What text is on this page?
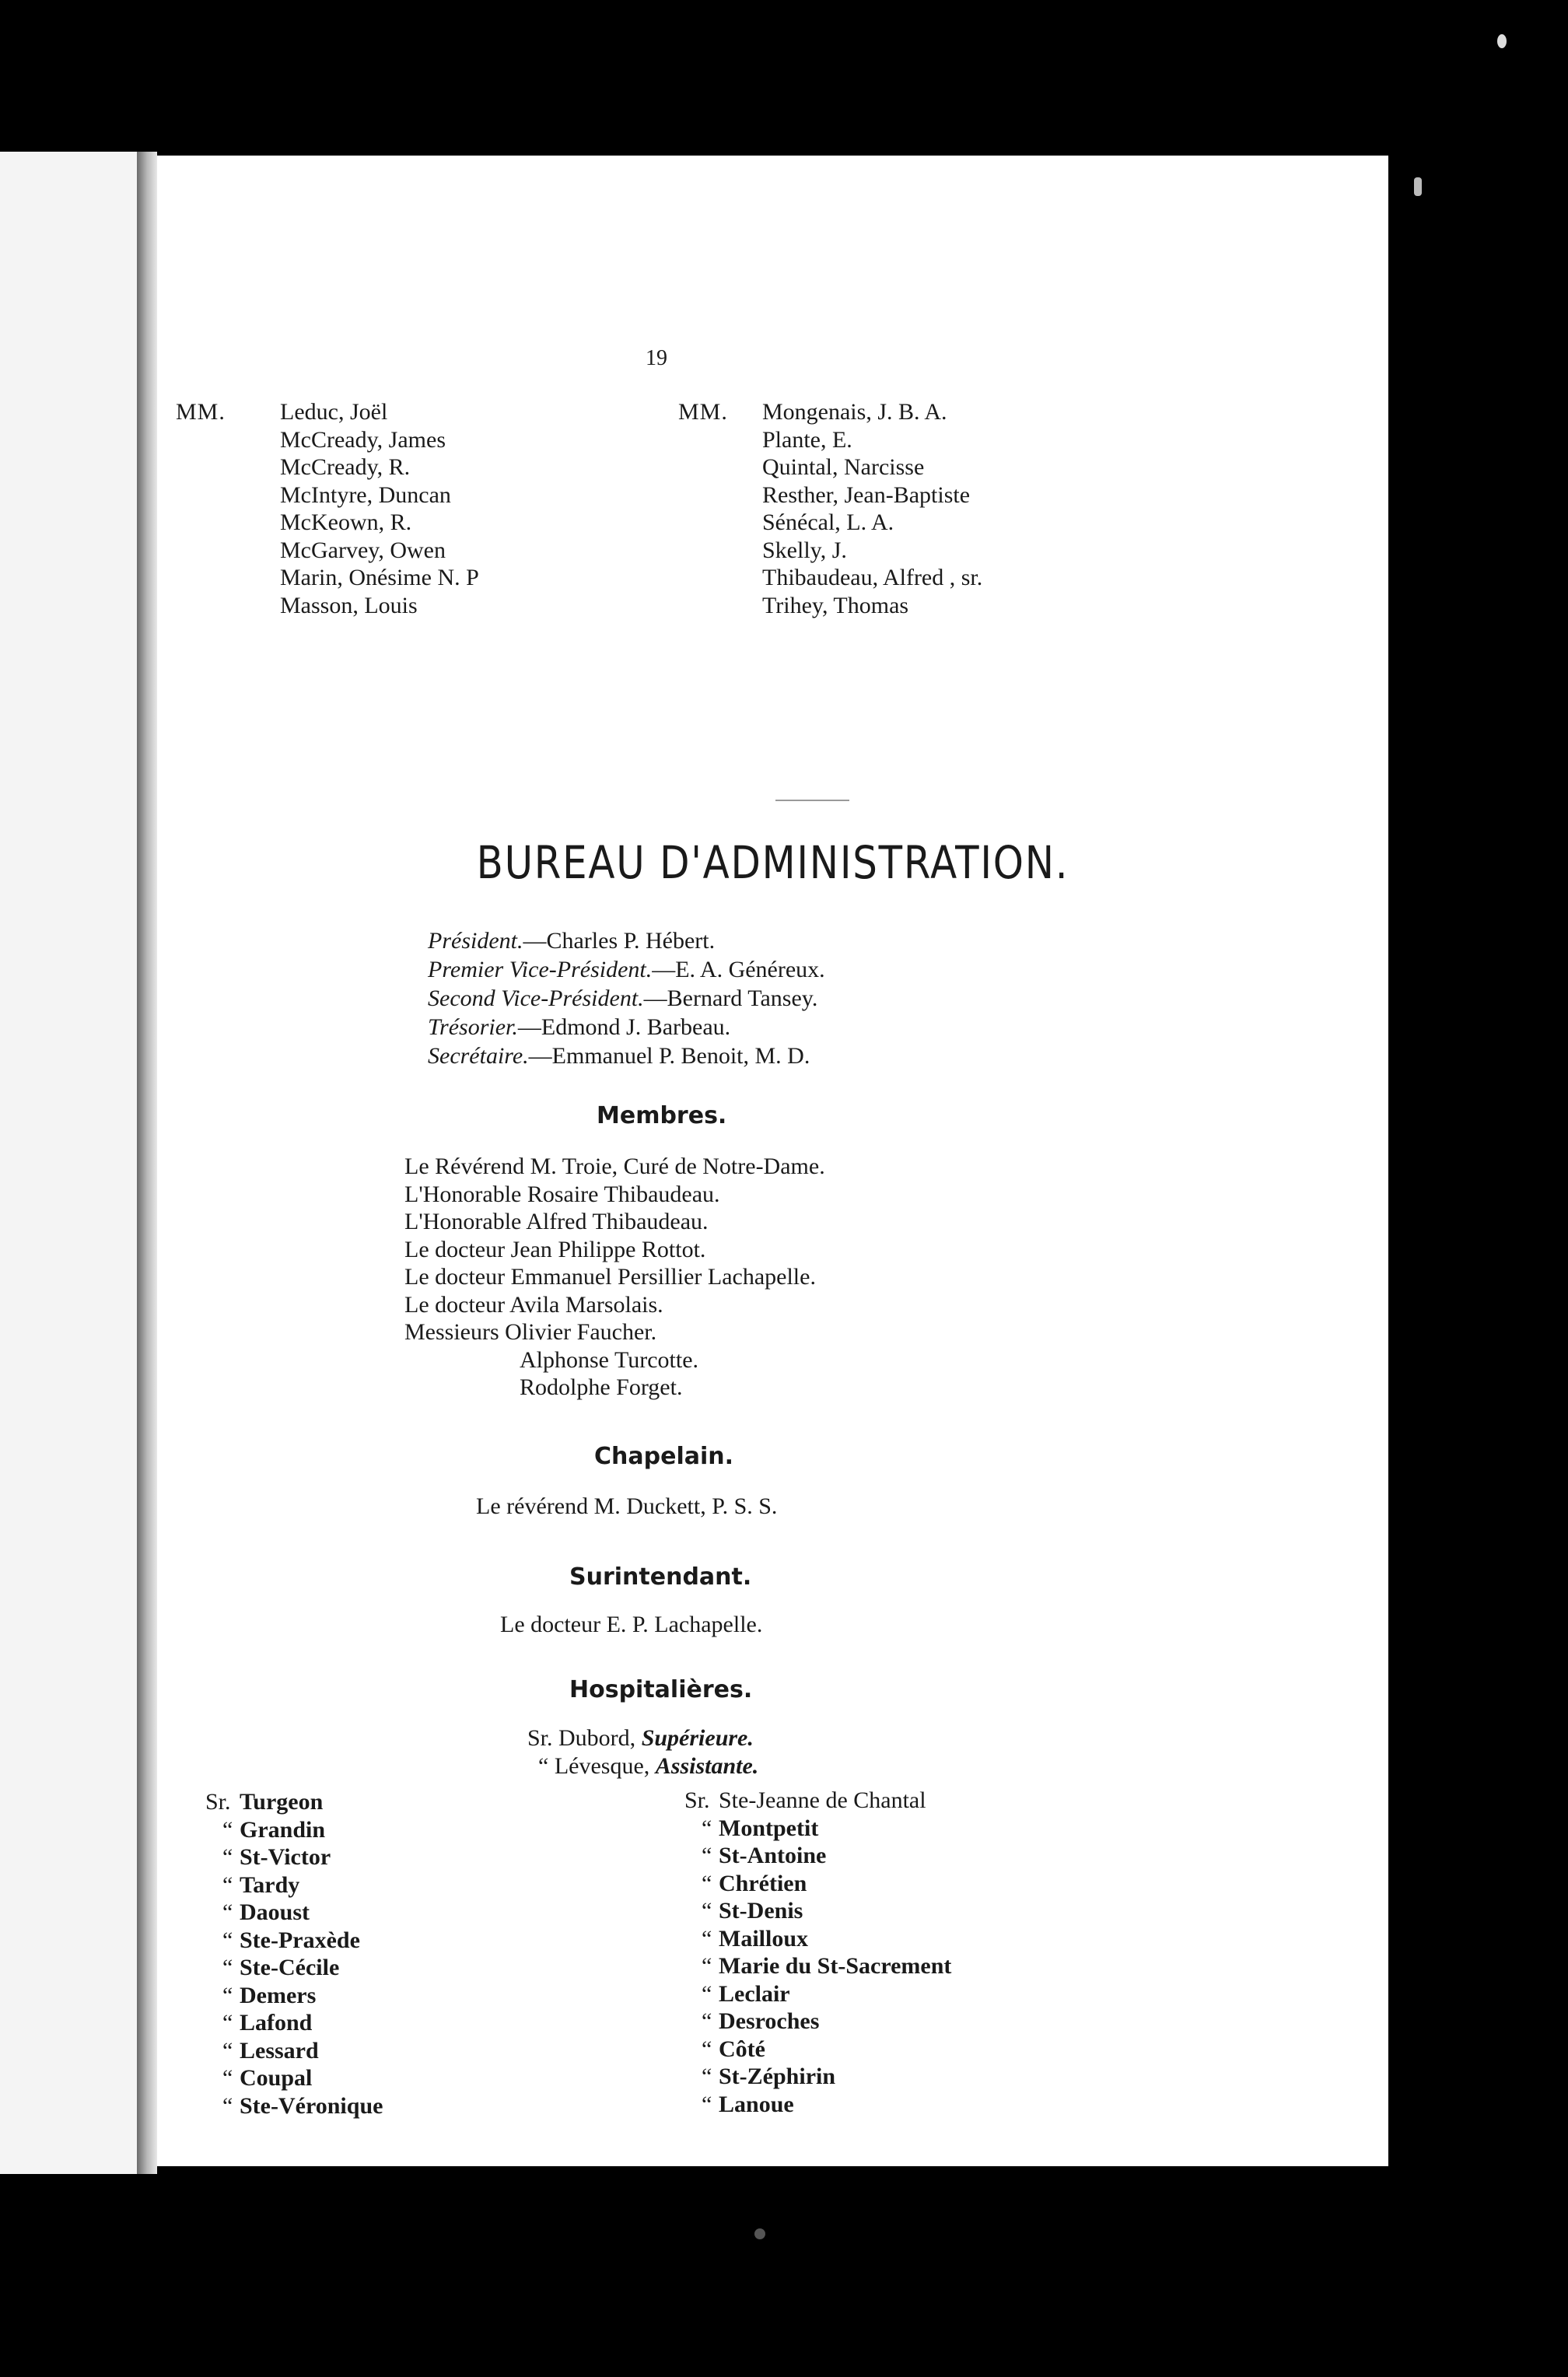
19
MM. Leduc, Joël
McCready, James
McCready, R.
McIntyre, Duncan
McKeown, R.
McGarvey, Owen
Marin, Onésime N. P
Masson, Louis
MM. Mongenais, J. B. A.
Plante, E.
Quintal, Narcisse
Resther, Jean-Baptiste
Sénécal, L. A.
Skelly, J.
Thibaudeau, Alfred , sr.
Trihey, Thomas
BUREAU D'ADMINISTRATION.
Président.—Charles P. Hébert.
Premier Vice-Président.—E. A. Généreux.
Second Vice-Président.—Bernard Tansey.
Trésorier.—Edmond J. Barbeau.
Secrétaire.—Emmanuel P. Benoit, M. D.
Membres.
Le Révérend M. Troie, Curé de Notre-Dame.
L'Honorable Rosaire Thibaudeau.
L'Honorable Alfred Thibaudeau.
Le docteur Jean Philippe Rottot.
Le docteur Emmanuel Persillier Lachapelle.
Le docteur Avila Marsolais.
Messieurs Olivier Faucher.
Alphonse Turcotte.
Rodolphe Forget.
Chapelain.
Le révérend M. Duckett, P. S. S.
Surintendant.
Le docteur E. P. Lachapelle.
Hospitalières.
Sr. Dubord, Supérieure.
“ Lévesque, Assistante.
Sr. Turgeon
“ Grandin
“ St-Victor
“ Tardy
“ Daoust
“ Ste-Praxède
“ Ste-Cécile
“ Demers
“ Lafond
“ Lessard
“ Coupal
“ Ste-Véronique
Sr. Ste-Jeanne de Chantal
“ Montpetit
“ St-Antoine
“ Chrétien
“ St-Denis
“ Mailloux
“ Marie du St-Sacrement
“ Leclair
“ Desroches
“ Côté
“ St-Zéphirin
“ Lanoue
